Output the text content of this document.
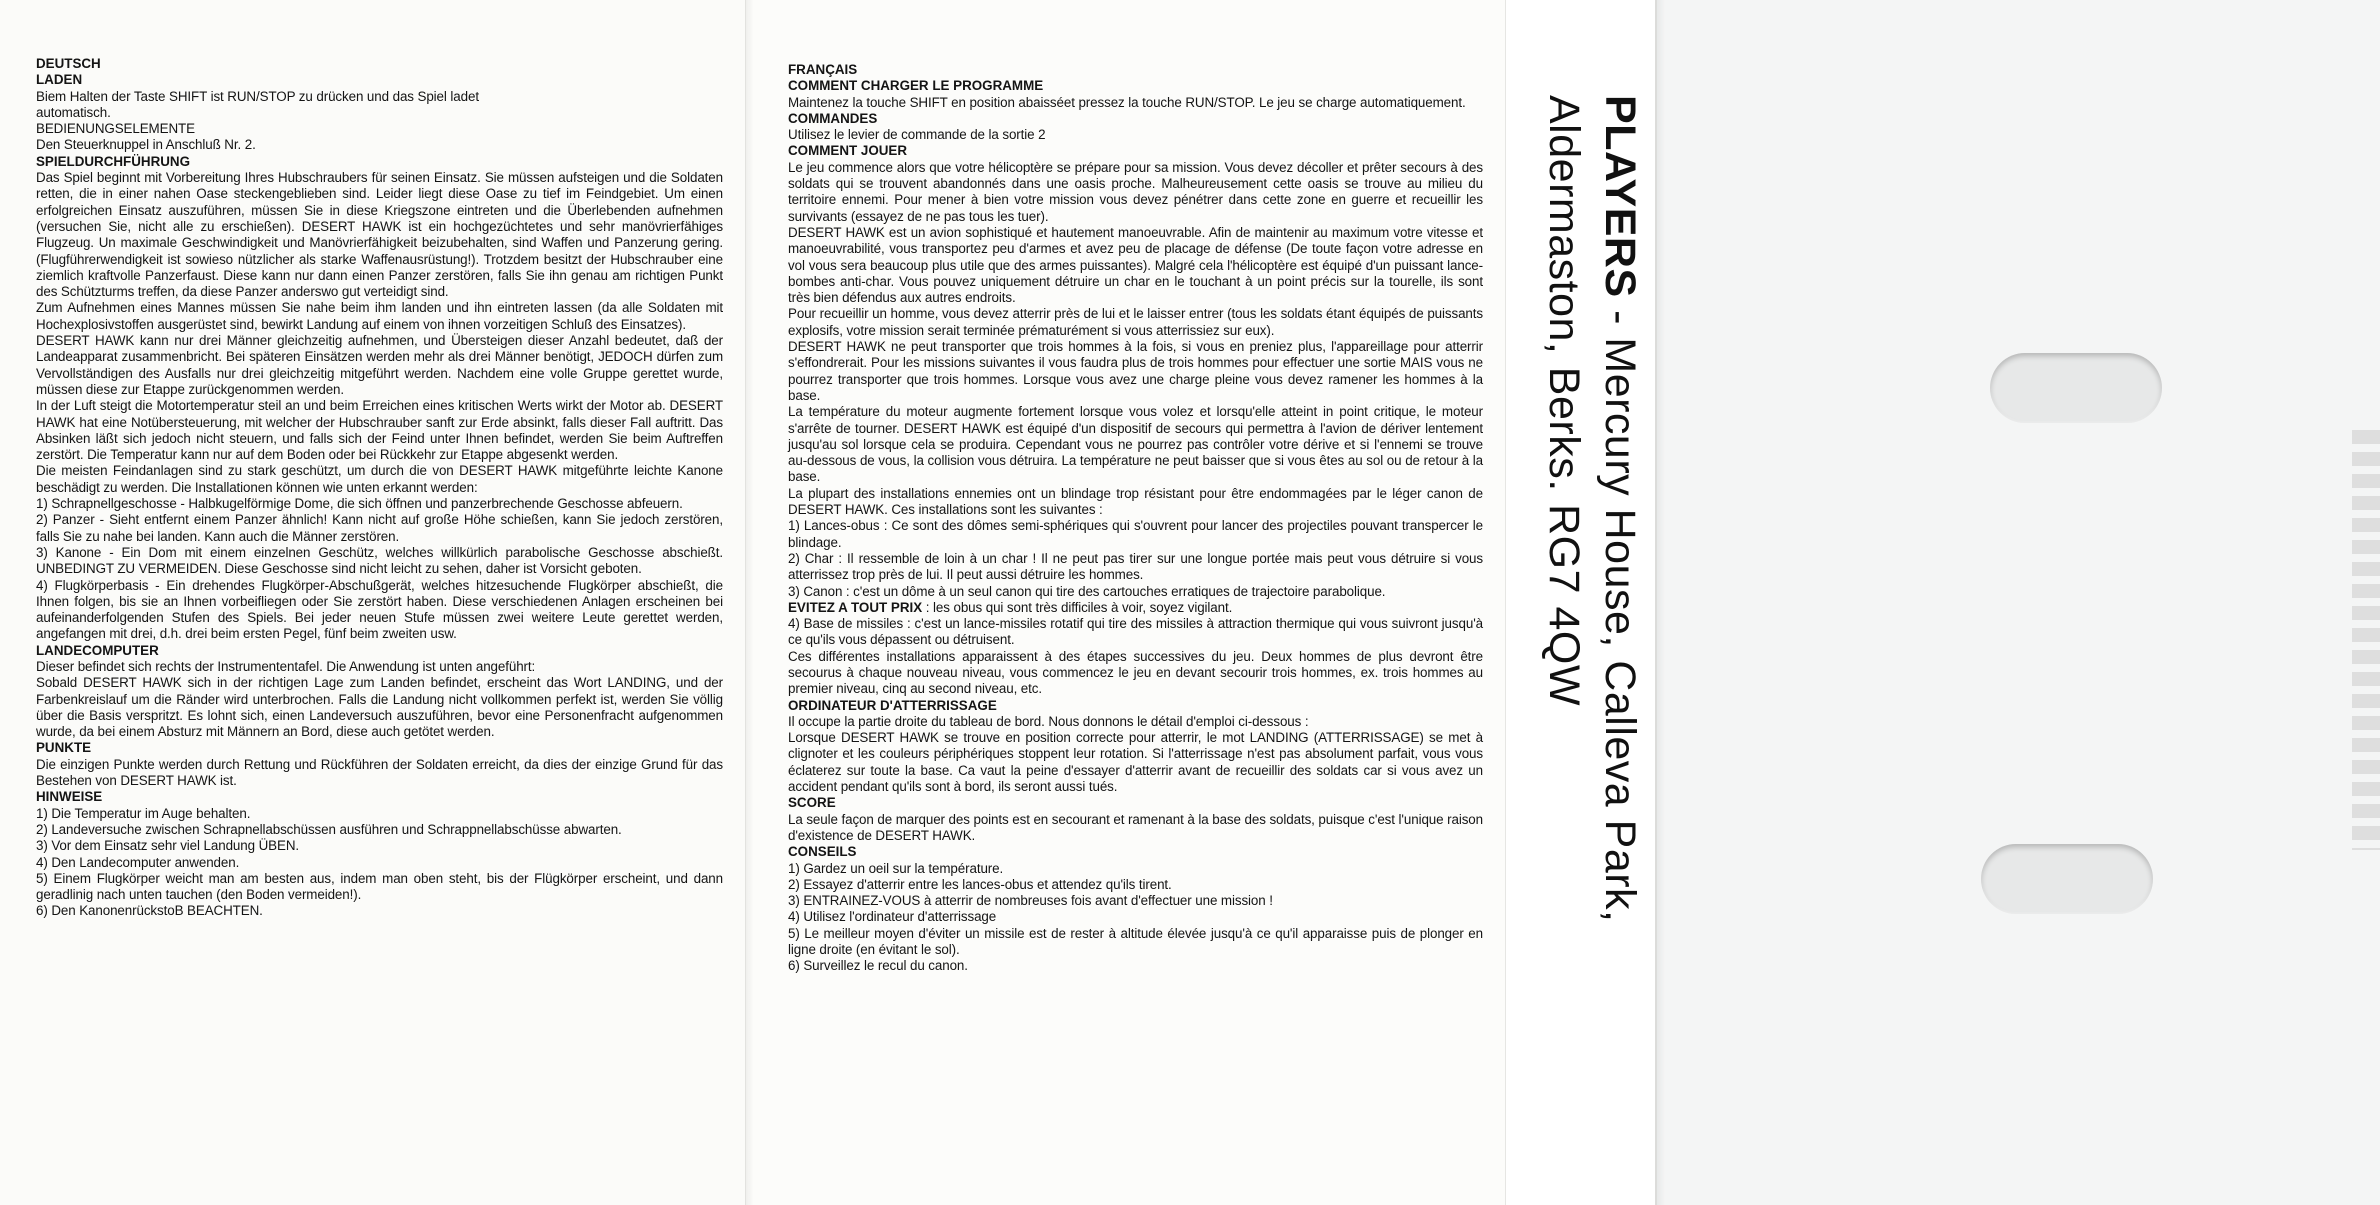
DEUTSCH

LADEN

Biem Halten der Taste SHIFT ist RUN/STOP zu drücken und das Spiel ladet automatisch.

BEDIENUNGSELEMENTE

Den Steuerknuppel in Anschluß Nr. 2.

SPIELDURCHFÜHRUNG

Das Spiel beginnt mit Vorbereitung Ihres Hubschraubers für seinen Einsatz. Sie müssen aufsteigen und die Soldaten retten, die in einer nahen Oase steckengeblieben sind. Leider liegt diese Oase zu tief im Feindgebiet. Um einen erfolgreichen Einsatz auszuführen, müssen Sie in diese Kriegszone eintreten und die Überlebenden aufnehmen (versuchen Sie, nicht alle zu erschießen). DESERT HAWK ist ein hochgezüchtetes und sehr manövrierfähiges Flugzeug. Un maximale Geschwindigkeit und Manövrierfähigkeit beizubehalten, sind Waffen und Panzerung gering. (Flugführerwendigkeit ist sowieso nützlicher als starke Waffenausrüstung!). Trotzdem besitzt der Hubschrauber eine ziemlich kraftvolle Panzerfaust. Diese kann nur dann einen Panzer zerstören, falls Sie ihn genau am richtigen Punkt des Schützturms treffen, da diese Panzer anderswo gut verteidigt sind.

Zum Aufnehmen eines Mannes müssen Sie nahe beim ihm landen und ihn eintreten lassen (da alle Soldaten mit Hochexplosivstoffen ausgerüstet sind, bewirkt Landung auf einem von ihnen vorzeitigen Schluß des Einsatzes).

DESERT HAWK kann nur drei Männer gleichzeitig aufnehmen, und Übersteigen dieser Anzahl bedeutet, daß der Landeapparat zusammenbricht. Bei späteren Einsätzen werden mehr als drei Männer benötigt, JEDOCH dürfen zum Vervollständigen des Ausfalls nur drei gleichzeitig mitgeführt werden. Nachdem eine volle Gruppe gerettet wurde, müssen diese zur Etappe zurückgenommen werden.

In der Luft steigt die Motortemperatur steil an und beim Erreichen eines kritischen Werts wirkt der Motor ab. DESERT HAWK hat eine Notübersteuerung, mit welcher der Hubschrauber sanft zur Erde absinkt, falls dieser Fall auftritt. Das Absinken läßt sich jedoch nicht steuern, und falls sich der Feind unter Ihnen befindet, werden Sie beim Auftreffen zerstört. Die Temperatur kann nur auf dem Boden oder bei Rückkehr zur Etappe abgesenkt werden.

Die meisten Feindanlagen sind zu stark geschützt, um durch die von DESERT HAWK mitgeführte leichte Kanone beschädigt zu werden. Die Installationen können wie unten erkannt werden:

1) Schrapnellgeschosse - Halbkugelförmige Dome, die sich öffnen und panzerbrechende Geschosse abfeuern.

2) Panzer - Sieht entfernt einem Panzer ähnlich! Kann nicht auf große Höhe schießen, kann Sie jedoch zerstören, falls Sie zu nahe bei landen. Kann auch die Männer zerstören.

3) Kanone - Ein Dom mit einem einzelnen Geschütz, welches willkürlich parabolische Geschosse abschießt. UNBEDINGT ZU VERMEIDEN. Diese Geschosse sind nicht leicht zu sehen, daher ist Vorsicht geboten.

4) Flugkörperbasis - Ein drehendes Flugkörper-Abschußgerät, welches hitzesuchende Flugkörper abschießt, die Ihnen folgen, bis sie an Ihnen vorbeifliegen oder Sie zerstört haben. Diese verschiedenen Anlagen erscheinen bei aufeinanderfolgenden Stufen des Spiels. Bei jeder neuen Stufe müssen zwei weitere Leute gerettet werden, angefangen mit drei, d.h. drei beim ersten Pegel, fünf beim zweiten usw.

LANDECOMPUTER

Dieser befindet sich rechts der Instrumententafel. Die Anwendung ist unten angeführt:

Sobald DESERT HAWK sich in der richtigen Lage zum Landen befindet, erscheint das Wort LANDING, und der Farbenkreislauf um die Ränder wird unterbrochen. Falls die Landung nicht vollkommen perfekt ist, werden Sie völlig über die Basis verspritzt. Es lohnt sich, einen Landeversuch auszuführen, bevor eine Personenfracht aufgenommen wurde, da bei einem Absturz mit Männern an Bord, diese auch getötet werden.

PUNKTE

Die einzigen Punkte werden durch Rettung und Rückführen der Soldaten erreicht, da dies der einzige Grund für das Bestehen von DESERT HAWK ist.

HINWEISE

1) Die Temperatur im Auge behalten.

2) Landeversuche zwischen Schrapnellabschüssen ausführen und Schrappnellabschüsse abwarten.

3) Vor dem Einsatz sehr viel Landung ÜBEN.

4) Den Landecomputer anwenden.

5) Einem Flugkörper weicht man am besten aus, indem man oben steht, bis der Flügkörper erscheint, und dann geradlinig nach unten tauchen (den Boden vermeiden!).

6) Den KanonenrückstoB BEACHTEN.

FRANÇAIS

COMMENT CHARGER LE PROGRAMME

Maintenez la touche SHIFT en position abaisséet pressez la touche RUN/STOP. Le jeu se charge automatiquement.

COMMANDES

Utilisez le levier de commande de la sortie 2

COMMENT JOUER

Le jeu commence alors que votre hélicoptère se prépare pour sa mission. Vous devez décoller et prêter secours à des soldats qui se trouvent abandonnés dans une oasis proche. Malheureusement cette oasis se trouve au milieu du territoire ennemi. Pour mener à bien votre mission vous devez pénétrer dans cette zone en guerre et recueillir les survivants (essayez de ne pas tous les tuer).

DESERT HAWK est un avion sophistiqué et hautement manoeuvrable. Afin de maintenir au maximum votre vitesse et manoeuvrabilité, vous transportez peu d'armes et avez peu de placage de défense (De toute façon votre adresse en vol vous sera beaucoup plus utile que des armes puissantes). Malgré cela l'hélicoptère est équipé d'un puissant lance-bombes anti-char. Vous pouvez uniquement détruire un char en le touchant à un point précis sur la tourelle, ils sont très bien défendus aux autres endroits.

Pour recueillir un homme, vous devez atterrir près de lui et le laisser entrer (tous les soldats étant équipés de puissants explosifs, votre mission serait terminée prématurément si vous atterrissiez sur eux).

DESERT HAWK ne peut transporter que trois hommes à la fois, si vous en preniez plus, l'appareillage pour atterrir s'effondrerait. Pour les missions suivantes il vous faudra plus de trois hommes pour effectuer une sortie MAIS vous ne pourrez transporter que trois hommes. Lorsque vous avez une charge pleine vous devez ramener les hommes à la base.

La température du moteur augmente fortement lorsque vous volez et lorsqu'elle atteint in point critique, le moteur s'arrête de tourner. DESERT HAWK est équipé d'un dispositif de secours qui permettra à l'avion de dériver lentement jusqu'au sol lorsque cela se produira. Cependant vous ne pourrez pas contrôler votre dérive et si l'ennemi se trouve au-dessous de vous, la collision vous détruira. La température ne peut baisser que si vous êtes au sol ou de retour à la base.

La plupart des installations ennemies ont un blindage trop résistant pour être endommagées par le léger canon de DESERT HAWK. Ces installations sont les suivantes :

1) Lances-obus : Ce sont des dômes semi-sphériques qui s'ouvrent pour lancer des projectiles pouvant transpercer le blindage.

2) Char : Il ressemble de loin à un char ! Il ne peut pas tirer sur une longue portée mais peut vous détruire si vous atterrissez trop près de lui. Il peut aussi détruire les hommes.

3) Canon : c'est un dôme à un seul canon qui tire des cartouches erratiques de trajectoire parabolique.

EVITEZ A TOUT PRIX : les obus qui sont très difficiles à voir, soyez vigilant.

4) Base de missiles : c'est un lance-missiles rotatif qui tire des missiles à attraction thermique qui vous suivront jusqu'à ce qu'ils vous dépassent ou détruisent.

Ces différentes installations apparaissent à des étapes successives du jeu. Deux hommes de plus devront être secourus à chaque nouveau niveau, vous commencez le jeu en devant secourir trois hommes, ex. trois hommes au premier niveau, cinq au second niveau, etc.

ORDINATEUR D'ATTERRISSAGE

Il occupe la partie droite du tableau de bord. Nous donnons le détail d'emploi ci-dessous :

Lorsque DESERT HAWK se trouve en position correcte pour atterrir, le mot LANDING (ATTERRISSAGE) se met à clignoter et les couleurs périphériques stoppent leur rotation. Si l'atterrissage n'est pas absolument parfait, vous vous éclaterez sur toute la base. Ca vaut la peine d'essayer d'atterrir avant de recueillir des soldats car si vous avez un accident pendant qu'ils sont à bord, ils seront aussi tués.

SCORE

La seule façon de marquer des points est en secourant et ramenant à la base des soldats, puisque c'est l'unique raison d'existence de DESERT HAWK.

CONSEILS

1) Gardez un oeil sur la température.

2) Essayez d'atterrir entre les lances-obus et attendez qu'ils tirent.

3) ENTRAINEZ-VOUS à atterrir de nombreuses fois avant d'effectuer une mission !

4) Utilisez l'ordinateur d'atterrissage

5) Le meilleur moyen d'éviter un missile est de rester à altitude élevée jusqu'à ce qu'il apparaisse puis de plonger en ligne droite (en évitant le sol).

6) Surveillez le recul du canon.

PLAYERS - Mercury House, Calleva Park,
Aldermaston, Berks. RG7 4QW
